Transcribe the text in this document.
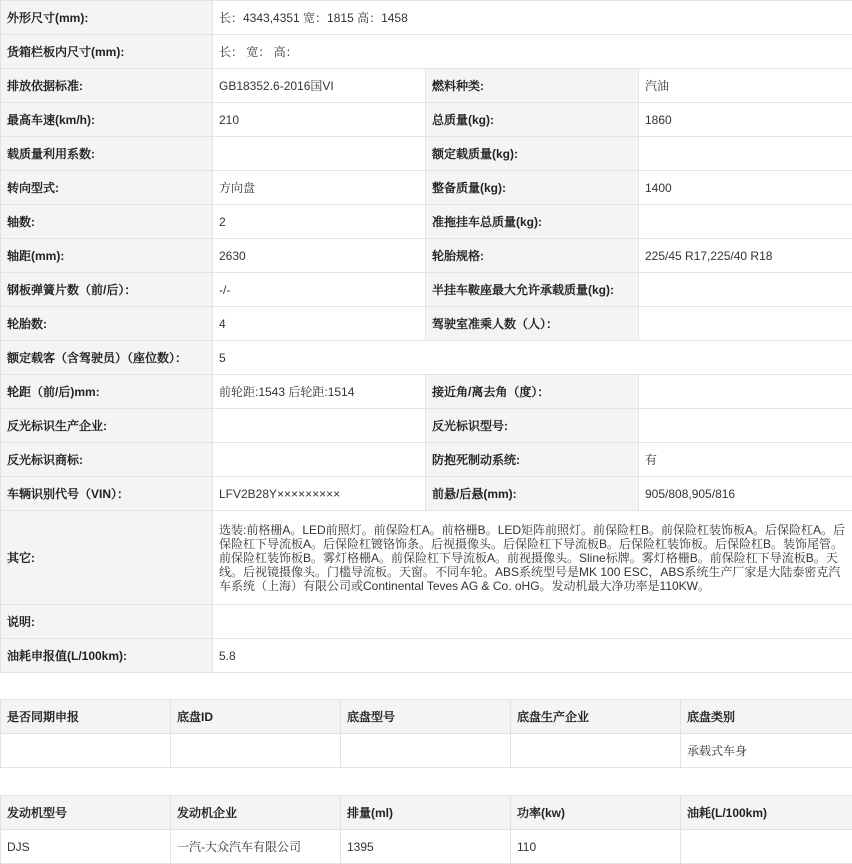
外形尺寸(mm):	长：4343,4351 宽：1815 高：1458		
货箱栏板内尺寸(mm):	长： 宽： 高：		
排放依据标准:	GB18352.6-2016国VI	燃料种类:	汽油
最高车速(km/h):	210	总质量(kg):	1860
载质量利用系数:		额定载质量(kg):	
转向型式:	方向盘	整备质量(kg):	1400
轴数:	2	准拖挂车总质量(kg):	
轴距(mm):	2630	轮胎规格:	225/45 R17,225/40 R18
钢板弹簧片数（前/后）：	-/-	半挂车鞍座最大允许承载质量(kg):	
轮胎数:	4	驾驶室准乘人数（人）：	
额定载客（含驾驶员）（座位数）：	5		
轮距（前/后)mm:	前轮距:1543 后轮距:1514	接近角/离去角（度）：	
反光标识生产企业:		反光标识型号:	
反光标识商标:		防抱死制动系统:	有
车辆识别代号（VIN）：	LFV2B28Y×××××××××	前悬/后悬(mm):	905/808,905/816
其它:	选装:前格栅A。LED前照灯。前保险杠A。前格栅B。LED矩阵前照灯。前保险杠B。前保险杠装饰板A。后保险杠A。后保险杠下导流板A。后保险杠镀铬饰条。后视摄像头。后保险杠下导流板B。后保险杠装饰板。后保险杠B。装饰尾管。前保险杠装饰板B。雾灯格栅A。前保险杠下导流板A。前视摄像头。Sline标牌。雾灯格栅B。前保险杠下导流板B。天线。后视镜摄像头。门槛导流板。天窗。不同车轮。ABS系统型号是MK 100 ESC，ABS系统生产厂家是大陆泰密克汽车系统（上海）有限公司或Continental Teves AG & Co. oHG。发动机最大净功率是110KW。		
说明:			
油耗申报值(L/100km):	5.8		
是否同期申报	底盘ID	底盘型号	底盘生产企业	底盘类别
				承载式车身
发动机型号	发动机企业	排量(ml)	功率(kw)	油耗(L/100km)
DJS	一汽-大众汽车有限公司	1395	110	
